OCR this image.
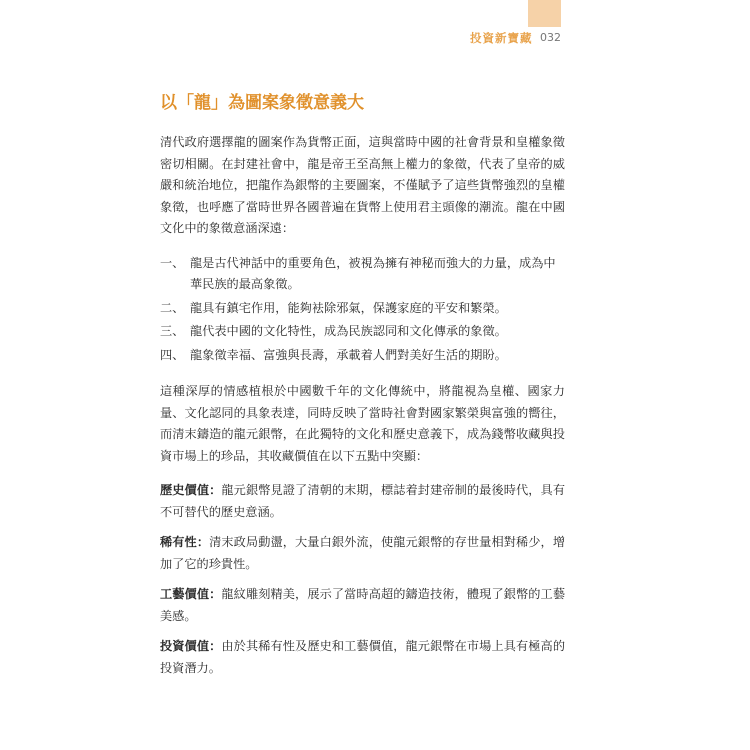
投資新寶藏 032
以「龍」為圖案象徵意義大

清代政府選擇龍的圖案作為貨幣正面，這與當時中國的社會背景和皇權象徵密切相關。在封建社會中，龍是帝王至高無上權力的象徵，代表了皇帝的威嚴和統治地位，把龍作為銀幣的主要圖案，不僅賦予了這些貨幣強烈的皇權象徵，也呼應了當時世界各國普遍在貨幣上使用君主頭像的潮流。龍在中國文化中的象徵意涵深遠：

一、 龍是古代神話中的重要角色，被視為擁有神秘而強大的力量，成為中華民族的最高象徵。
二、 龍具有鎮宅作用，能夠袪除邪氣，保護家庭的平安和繁榮。
三、 龍代表中國的文化特性，成為民族認同和文化傳承的象徵。
四、 龍象徵幸福、富強與長壽，承載着人們對美好生活的期盼。

這種深厚的情感植根於中國數千年的文化傳統中，將龍視為皇權、國家力量、文化認同的具象表達，同時反映了當時社會對國家繁榮與富強的嚮往，而清末鑄造的龍元銀幣，在此獨特的文化和歷史意義下，成為錢幣收藏與投資市場上的珍品，其收藏價值在以下五點中突顯：

歷史價值：龍元銀幣見證了清朝的末期，標誌着封建帝制的最後時代，具有不可替代的歷史意涵。

稀有性：清末政局動盪，大量白銀外流，使龍元銀幣的存世量相對稀少，增加了它的珍貴性。

工藝價值：龍紋雕刻精美，展示了當時高超的鑄造技術，體現了銀幣的工藝美感。

投資價值：由於其稀有性及歷史和工藝價值，龍元銀幣在市場上具有極高的投資潛力。
